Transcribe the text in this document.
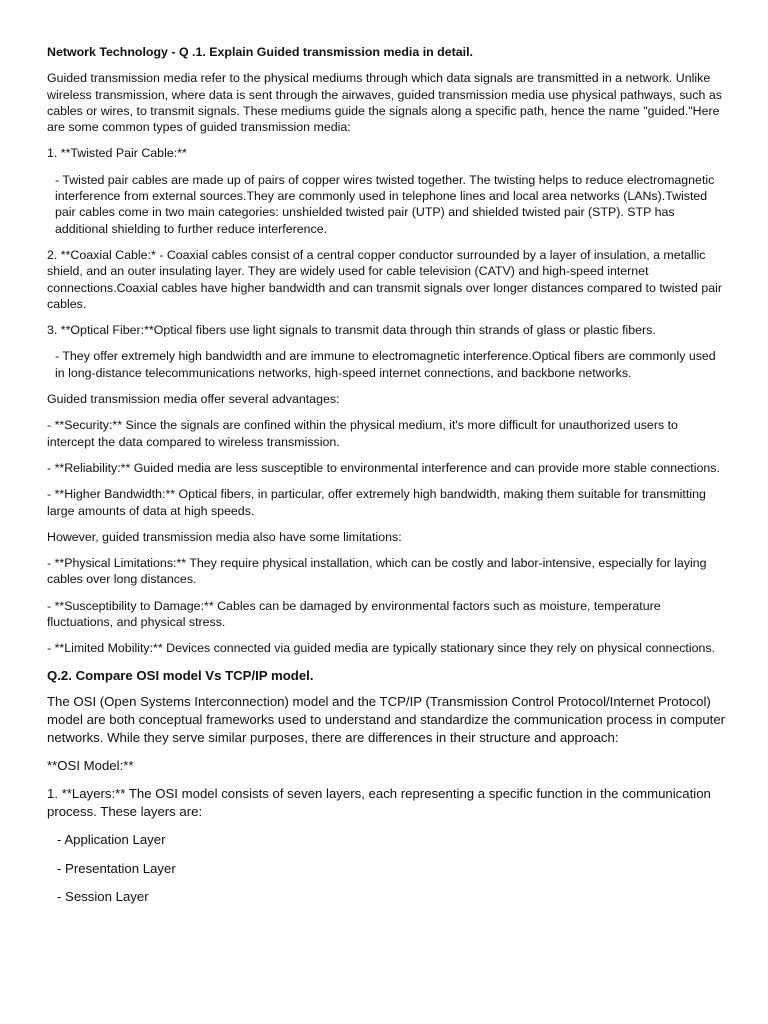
Network Technology - Q .1. Explain Guided transmission media in detail.

Guided transmission media refer to the physical mediums through which data signals are transmitted in a network. Unlike wireless transmission, where data is sent through the airwaves, guided transmission media use physical pathways, such as cables or wires, to transmit signals. These mediums guide the signals along a specific path, hence the name "guided."Here are some common types of guided transmission media:

1. **Twisted Pair Cable:**

- Twisted pair cables are made up of pairs of copper wires twisted together. The twisting helps to reduce electromagnetic interference from external sources.They are commonly used in telephone lines and local area networks (LANs).Twisted pair cables come in two main categories: unshielded twisted pair (UTP) and shielded twisted pair (STP). STP has additional shielding to further reduce interference.

2. **Coaxial Cable:* - Coaxial cables consist of a central copper conductor surrounded by a layer of insulation, a metallic shield, and an outer insulating layer. They are widely used for cable television (CATV) and high-speed internet connections.Coaxial cables have higher bandwidth and can transmit signals over longer distances compared to twisted pair cables.

3. **Optical Fiber:**Optical fibers use light signals to transmit data through thin strands of glass or plastic fibers.

- They offer extremely high bandwidth and are immune to electromagnetic interference.Optical fibers are commonly used in long-distance telecommunications networks, high-speed internet connections, and backbone networks.

Guided transmission media offer several advantages:

- **Security:** Since the signals are confined within the physical medium, it's more difficult for unauthorized users to intercept the data compared to wireless transmission.

- **Reliability:** Guided media are less susceptible to environmental interference and can provide more stable connections.

- **Higher Bandwidth:** Optical fibers, in particular, offer extremely high bandwidth, making them suitable for transmitting large amounts of data at high speeds.

However, guided transmission media also have some limitations:

- **Physical Limitations:** They require physical installation, which can be costly and labor-intensive, especially for laying cables over long distances.

- **Susceptibility to Damage:** Cables can be damaged by environmental factors such as moisture, temperature fluctuations, and physical stress.

- **Limited Mobility:** Devices connected via guided media are typically stationary since they rely on physical connections.

Q.2. Compare OSI model Vs TCP/IP model.

The OSI (Open Systems Interconnection) model and the TCP/IP (Transmission Control Protocol/Internet Protocol) model are both conceptual frameworks used to understand and standardize the communication process in computer networks. While they serve similar purposes, there are differences in their structure and approach:

**OSI Model:**

1. **Layers:** The OSI model consists of seven layers, each representing a specific function in the communication process. These layers are:

- Application Layer

- Presentation Layer

- Session Layer
